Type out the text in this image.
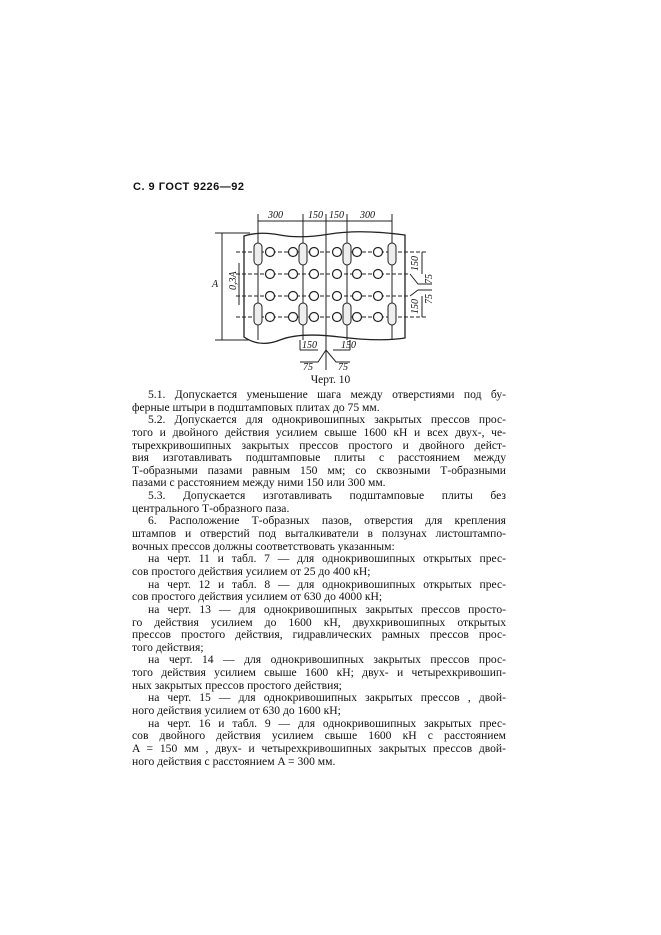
С. 9 ГОСТ 9226—92
300	150 150 300
A 0,3A
150
75
75
150
150 150
75	75
Черт. 10
5.1. Допускается уменьшение шага между отверстиями под бу-
ферные штыри в подштамповых плитах до 75 мм.
5.2. Допускается для однокривошипных закрытых прессов прос-
того и двойного действия усилием свыше 1600 кН и всех двух-, че-
тырехкривошипных закрытых прессов простого и двойного дейст-
вия изготавливать подштамповые плиты с расстоянием между
Т-образными пазами равным 150 мм; со сквозными Т-образными
пазами с расстоянием между ними 150 или 300 мм.
5.3. Допускается изготавливать подштамповые плиты без
центрального Т-образного паза.
6. Расположение Т-образных пазов, отверстия для крепления
штампов и отверстий под выталкиватели в ползунах листоштампо-
вочных прессов должны соответствовать указанным:
на черт. 11 и табл. 7 — для однокривошипных открытых прес-
сов простого действия усилием от 25 до 400 кН;
на черт. 12 и табл. 8 — для однокривошипных открытых прес-
сов простого действия усилием от 630 до 4000 кН;
на черт. 13 — для однокривошипных закрытых прессов просто-
го действия усилием до 1600 кН, двухкривошипных открытых
прессов простого действия, гидравлических рамных прессов прос-
того действия;
на черт. 14 — для однокривошипных закрытых прессов прос-
того действия усилием свыше 1600 кН; двух- и четырехкривошип-
ных закрытых прессов простого действия;
на черт. 15 — для однокривошипных закрытых прессов , двой-
ного действия усилием от 630 до 1600 кН;
на черт. 16 и табл. 9 — для однокривошипных закрытых прес-
сов двойного действия усилием свыше 1600 кН с расстоянием
A = 150 мм , двух- и четырехкривошипных закрытых прессов двой-
ного действия с расстоянием A = 300 мм.
